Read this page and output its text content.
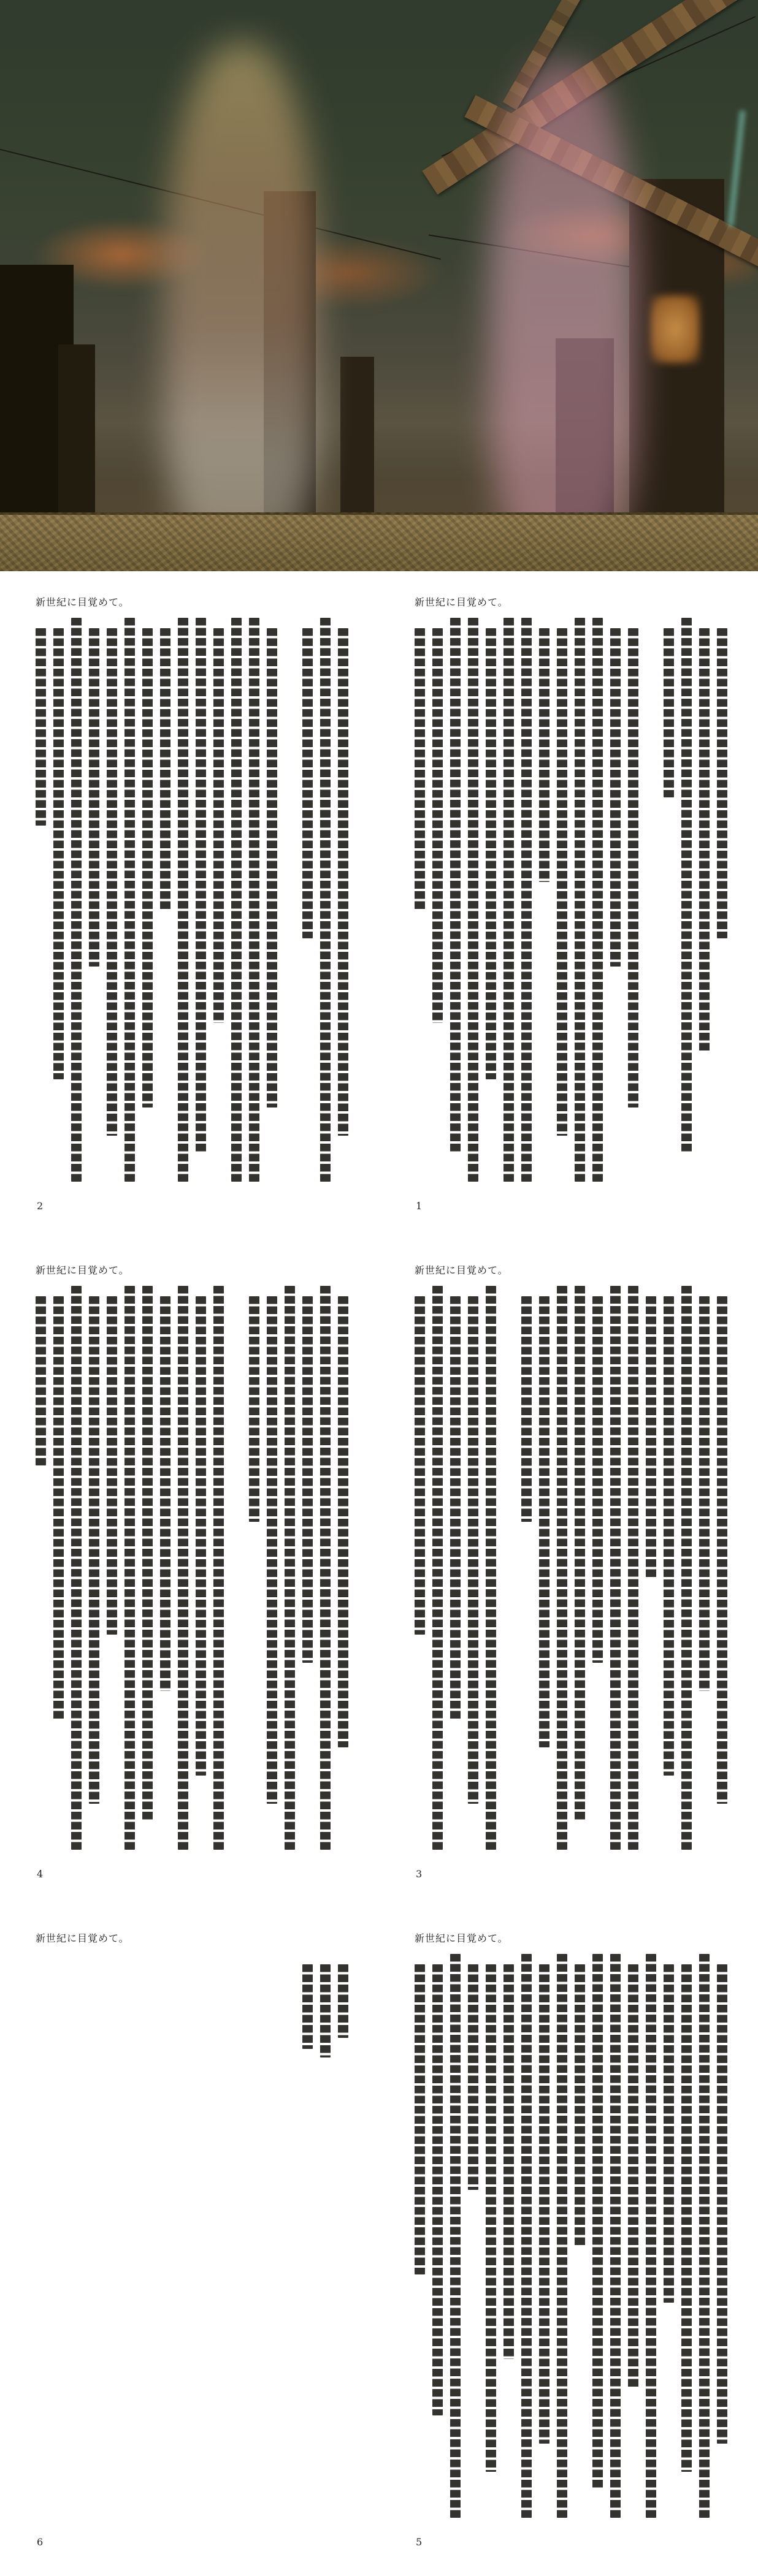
新世紀に目覚めて。
2
新世紀に目覚めて。
1
新世紀に目覚めて。
4
新世紀に目覚めて。
3
新世紀に目覚めて。
6
新世紀に目覚めて。
5
